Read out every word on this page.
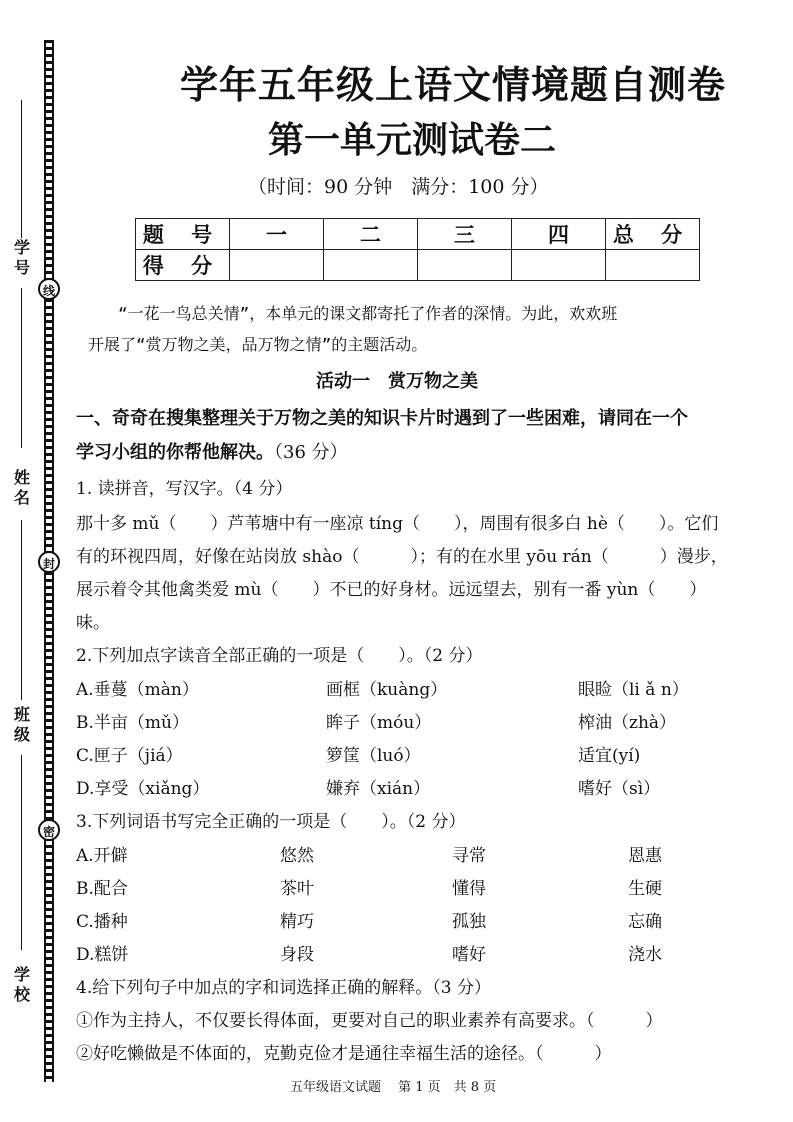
学号
姓名
班级
学校
线
封
密
学年五年级上语文情境题自测卷
第一单元测试卷二
（时间：90 分钟　满分：100 分）
题 号	一	二	三	四	总 分
得 分					
“一花一鸟总关情”，本单元的课文都寄托了作者的深情。为此，欢欢班
开展了“赏万物之美，品万物之情”的主题活动。
活动一　赏万物之美
一、奇奇在搜集整理关于万物之美的知识卡片时遇到了一些困难，请同在一个
学习小组的你帮他解决。（36 分）
1. 读拼音，写汉字。（4 分）
那十多 mǔ（　　）芦苇塘中有一座凉 tíng（　　），周围有很多白 hè（　　）。它们
有的环视四周，好像在站岗放 shào（　　　）；有的在水里 yōu rán（　　　）漫步，
展示着令其他禽类爱 mù（　　）不已的好身材。远远望去，别有一番 yùn（　　）
味。
2.下列加点字读音全部正确的一项是（　　）。（2 分）
A.垂蔓（màn）	画框（kuàng）	眼睑（li ǎ n）
B.半亩（mǔ）	眸子（móu）	榨油（zhà）
C.匣子（jiá）	箩筐（luó）	适宜(yí)
D.享受（xiǎng）	嫌弃（xián）	嗜好（sì）
3.下列词语书写完全正确的一项是（　　）。（2 分）
A.开僻	悠然	寻常	恩惠
B.配合	茶叶	懂得	生硬
C.播种	精巧	孤独	忘确
D.糕饼	身段	嗜好	浇水
4.给下列句子中加点的字和词选择正确的解释。（3 分）
①作为主持人，不仅要长得体面，更要对自己的职业素养有高要求。（　　　）
②好吃懒做是不体面的，克勤克俭才是通往幸福生活的途径。（　　　）
五年级语文试题　 第 1 页　共 8 页
